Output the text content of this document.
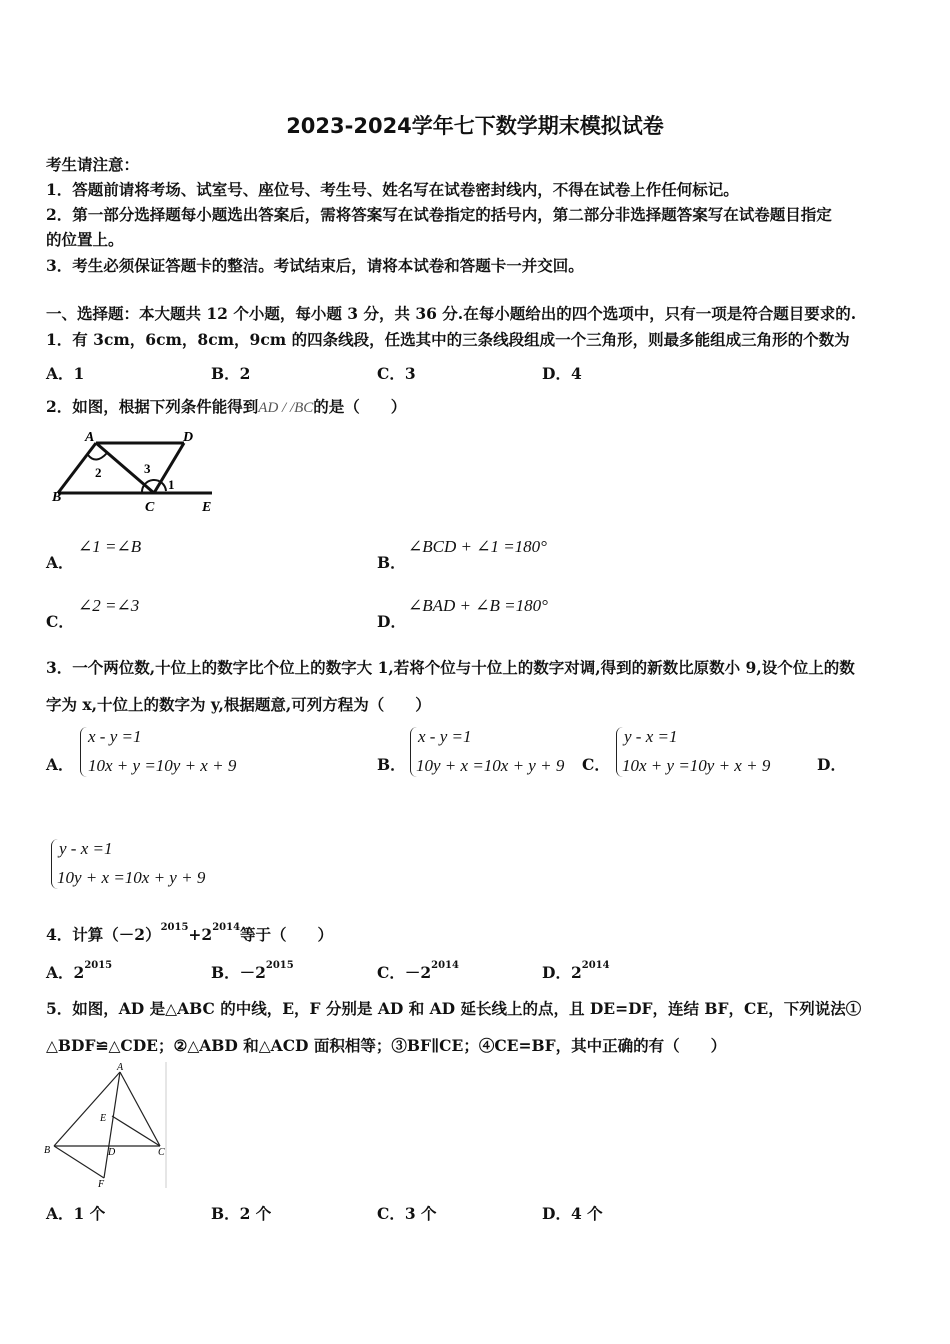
2023-2024学年七下数学期末模拟试卷
考生请注意：
1．答题前请将考场、试室号、座位号、考生号、姓名写在试卷密封线内，不得在试卷上作任何标记。
2．第一部分选择题每小题选出答案后，需将答案写在试卷指定的括号内，第二部分非选择题答案写在试卷题目指定
的位置上。
3．考生必须保证答题卡的整洁。考试结束后，请将本试卷和答题卡一并交回。
一、选择题：本大题共 12 个小题，每小题 3 分，共 36 分.在每小题给出的四个选项中，只有一项是符合题目要求的.
1．有 3cm，6cm，8cm，9cm 的四条线段，任选其中的三条线段组成一个三角形，则最多能组成三角形的个数为
A．1	B．2	C．3	D．4
2．如图，根据下列条件能得到AD / /BC的是（　　）
A	D
B
C	E
1
2	3
A．
∠1 =∠B
B．
∠BCD + ∠1 =180°
C．
∠2 =∠3
D．
∠BAD + ∠B =180°
3．一个两位数,十位上的数字比个位上的数字大 1,若将个位与十位上的数字对调,得到的新数比原数小 9,设个位上的数
字为 x,十位上的数字为 y,根据题意,可列方程为（　　）
A．
x - y =1
10x + y =10y + x + 9	B．
x - y =1
10y + x =10x + y + 9 C．
y - x =1
10x + y =10y + x + 9	D．
y - x =1
10y + x =10x + y + 9
4．计算$(-2)^{2015}+2^{2014}$等于（　　）
A．$2^{2015}$	B．$-2^{2015}$	C．$-2^{2014}$	D．$2^{2014}$
5．如图，AD 是△ABC 的中线，E，F 分别是 AD 和 AD 延长线上的点，且 DE=DF，连结 BF，CE，下列说法①
△BDF≌△CDE；②△ABD 和△ACD 面积相等；③BF∥CE；④CE=BF，其中正确的有（　　）
A
B	C
D
E
F
A．1 个	B．2 个	C．3 个	D．4 个
